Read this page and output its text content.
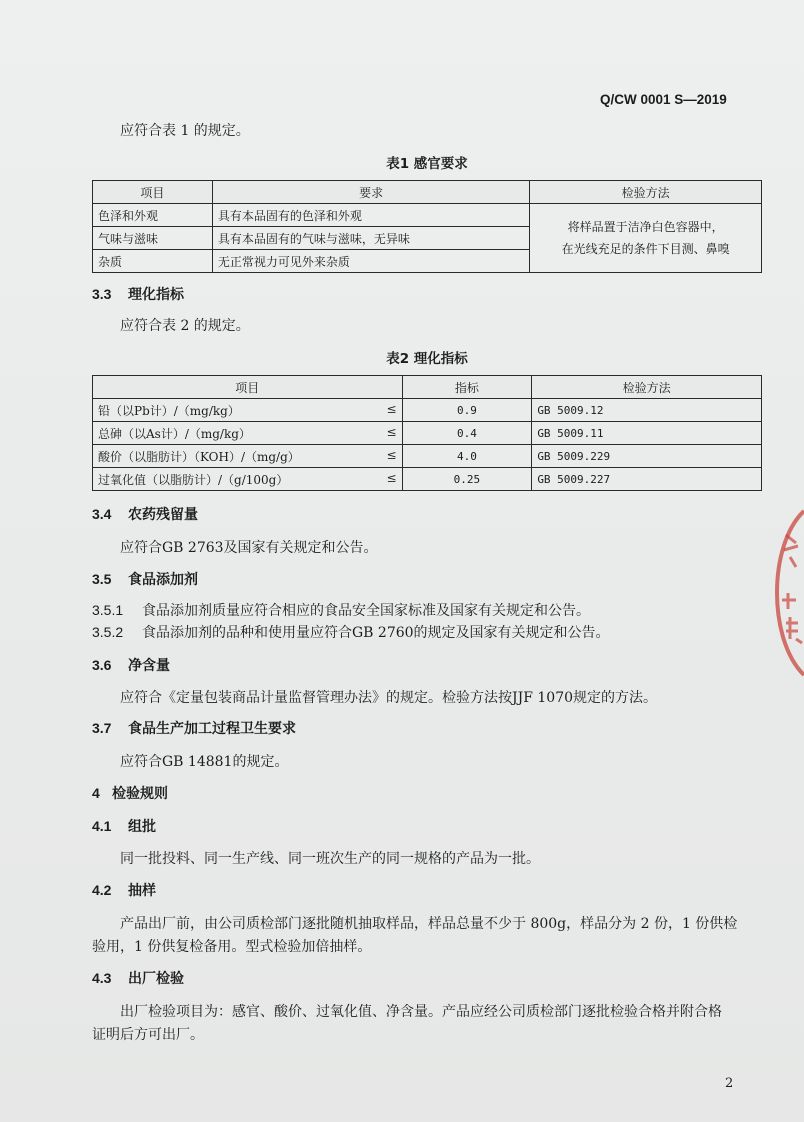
Q/CW 0001 S—2019
应符合表 1 的规定。
表1 感官要求
项目	要求	检验方法
色泽和外观	具有本品固有的色泽和外观	将样品置于洁净白色容器中，
在光线充足的条件下目测、鼻嗅

气味与滋味	具有本品固有的气味与滋味，无异味	
杂质	无正常视力可见外来杂质	
3.3 理化指标
应符合表 2 的规定。
表2 理化指标
项目	指标	检验方法
铅（以Pb计）/（mg/kg） ≤	0.9	GB 5009.12
总砷（以As计）/（mg/kg） ≤	0.4	GB 5009.11
酸价（以脂肪计）（KOH）/（mg/g） ≤	4.0	GB 5009.229
过氧化值（以脂肪计）/（g/100g） ≤	0.25	GB 5009.227
3.4 农药残留量
应符合GB 2763及国家有关规定和公告。
3.5 食品添加剂
3.5.1 食品添加剂质量应符合相应的食品安全国家标准及国家有关规定和公告。
3.5.2 食品添加剂的品种和使用量应符合GB 2760的规定及国家有关规定和公告。
3.6 净含量
应符合《定量包装商品计量监督管理办法》的规定。检验方法按JJF 1070规定的方法。
3.7 食品生产加工过程卫生要求
应符合GB 14881的规定。
4 检验规则
4.1 组批
同一批投料、同一生产线、同一班次生产的同一规格的产品为一批。
4.2 抽样
产品出厂前，由公司质检部门逐批随机抽取样品，样品总量不少于 800g，样品分为 2 份，1 份供检
验用，1 份供复检备用。型式检验加倍抽样。
4.3 出厂检验
出厂检验项目为：感官、酸价、过氧化值、净含量。产品应经公司质检部门逐批检验合格并附合格
证明后方可出厂。
2
